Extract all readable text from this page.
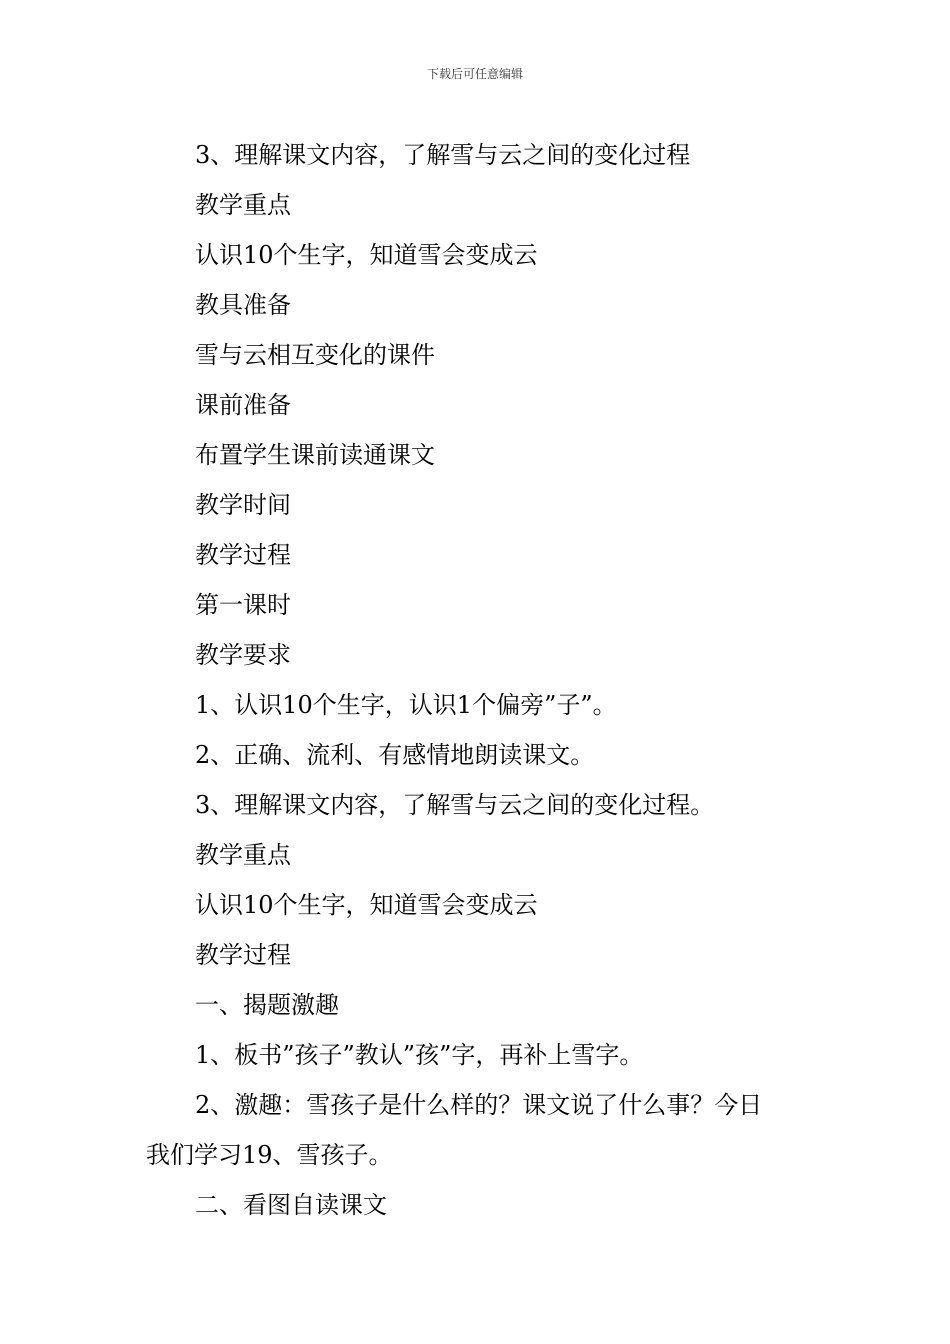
下载后可任意编辑

3、理解课文内容，了解雪与云之间的变化过程

教学重点

认识10个生字，知道雪会变成云

教具准备

雪与云相互变化的课件

课前准备

布置学生课前读通课文

教学时间

教学过程

第一课时

教学要求

1、认识10个生字，认识1个偏旁”子”。

2、正确、流利、有感情地朗读课文。

3、理解课文内容，了解雪与云之间的变化过程。

教学重点

认识10个生字，知道雪会变成云

教学过程

一、揭题激趣

1、板书”孩子”教认”孩”字，再补上雪字。

2、激趣：雪孩子是什么样的？课文说了什么事？今日

我们学习19、雪孩子。

二、看图自读课文
